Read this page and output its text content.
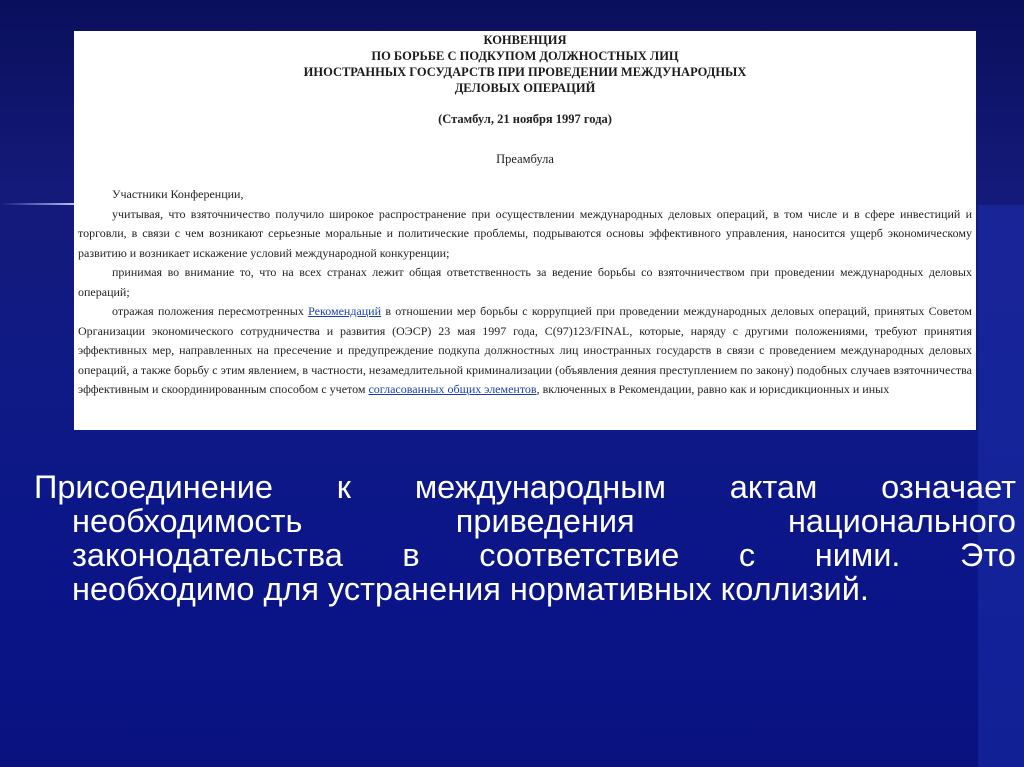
КОНВЕНЦИЯ
ПО БОРЬБЕ С ПОДКУПОМ ДОЛЖНОСТНЫХ ЛИЦ
ИНОСТРАННЫХ ГОСУДАРСТВ ПРИ ПРОВЕДЕНИИ МЕЖДУНАРОДНЫХ
ДЕЛОВЫХ ОПЕРАЦИЙ
(Стамбул, 21 ноября 1997 года)
Преамбула

Участники Конференции,

учитывая, что взяточничество получило широкое распространение при осуществлении международных деловых операций, в том числе и в сфере инвестиций и торговли, в связи с чем возникают серьезные моральные и политические проблемы, подрываются основы эффективного управления, наносится ущерб экономическому развитию и возникает искажение условий международной конкуренции;

принимая во внимание то, что на всех странах лежит общая ответственность за ведение борьбы со взяточничеством при проведении международных деловых операций;

отражая положения пересмотренных Рекомендаций в отношении мер борьбы с коррупцией при проведении международных деловых операций, принятых Советом Организации экономического сотрудничества и развития (ОЭСР) 23 мая 1997 года, C(97)123/FINAL, которые, наряду с другими положениями, требуют принятия эффективных мер, направленных на пресечение и предупреждение подкупа должностных лиц иностранных государств в связи с проведением международных деловых операций, а также борьбу с этим явлением, в частности, незамедлительной криминализации (объявления деяния преступлением по закону) подобных случаев взяточничества эффективным и скоординированным способом с учетом согласованных общих элементов, включенных в Рекомендации, равно как и юрисдикционных и иных

Присоединение к международным актам означает
необходимость приведения национального
законодательства в соответствие с ними. Это
необходимо для устранения нормативных коллизий.
